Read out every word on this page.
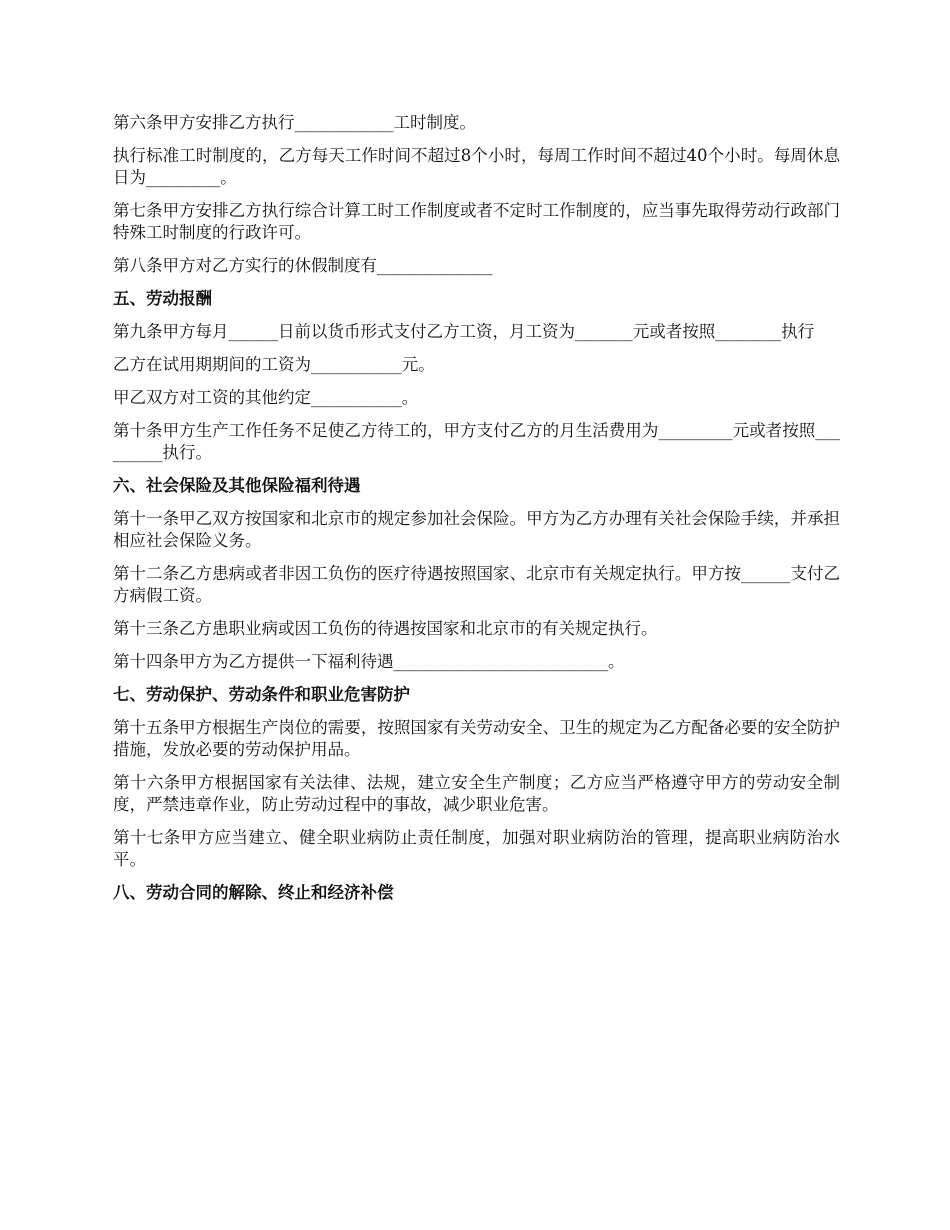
第六条甲方安排乙方执行____________工时制度。

执行标准工时制度的，乙方每天工作时间不超过8个小时，每周工作时间不超过40个小时。每周休息日为_________。

第七条甲方安排乙方执行综合计算工时工作制度或者不定时工作制度的，应当事先取得劳动行政部门特殊工时制度的行政许可。

第八条甲方对乙方实行的休假制度有______________

五、劳动报酬

第九条甲方每月______日前以货币形式支付乙方工资，月工资为_______元或者按照________执行

乙方在试用期期间的工资为___________元。

甲乙双方对工资的其他约定___________。

第十条甲方生产工作任务不足使乙方待工的，甲方支付乙方的月生活费用为_________元或者按照_________执行。

六、社会保险及其他保险福利待遇

第十一条甲乙双方按国家和北京市的规定参加社会保险。甲方为乙方办理有关社会保险手续，并承担相应社会保险义务。

第十二条乙方患病或者非因工负伤的医疗待遇按照国家、北京市有关规定执行。甲方按______支付乙方病假工资。

第十三条乙方患职业病或因工负伤的待遇按国家和北京市的有关规定执行。

第十四条甲方为乙方提供一下福利待遇__________________________。

七、劳动保护、劳动条件和职业危害防护

第十五条甲方根据生产岗位的需要，按照国家有关劳动安全、卫生的规定为乙方配备必要的安全防护措施，发放必要的劳动保护用品。

第十六条甲方根据国家有关法律、法规，建立安全生产制度；乙方应当严格遵守甲方的劳动安全制度，严禁违章作业，防止劳动过程中的事故，减少职业危害。

第十七条甲方应当建立、健全职业病防止责任制度，加强对职业病防治的管理，提高职业病防治水平。

八、劳动合同的解除、终止和经济补偿
